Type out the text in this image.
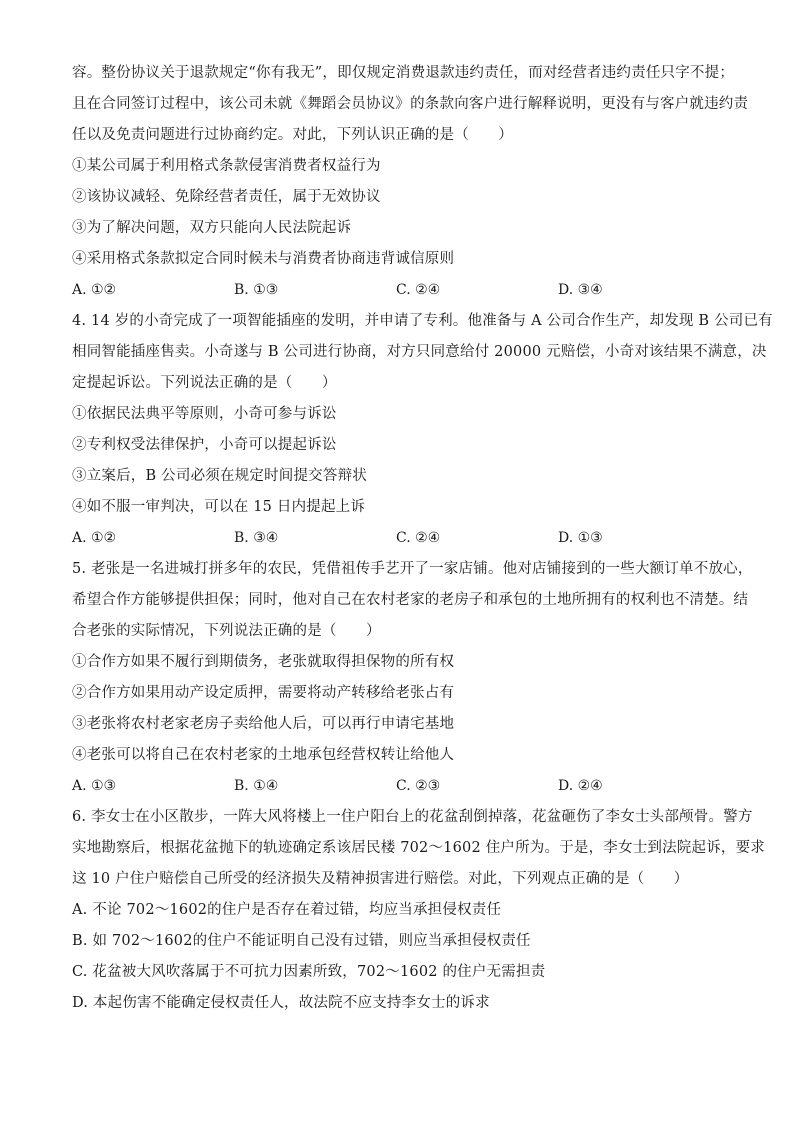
容。整份协议关于退款规定“你有我无”，即仅规定消费退款违约责任，而对经营者违约责任只字不提；
且在合同签订过程中，该公司未就《舞蹈会员协议》的条款向客户进行解释说明，更没有与客户就违约责
任以及免责问题进行过协商约定。对此，下列认识正确的是（　　）
①某公司属于利用格式条款侵害消费者权益行为
②该协议减轻、免除经营者责任，属于无效协议
③为了解决问题，双方只能向人民法院起诉
④采用格式条款拟定合同时候未与消费者协商违背诚信原则
A. ①②	B. ①③	C. ②④	D. ③④
4. 14 岁的小奇完成了一项智能插座的发明，并申请了专利。他准备与 A 公司合作生产，却发现 B 公司已有
相同智能插座售卖。小奇遂与 B 公司进行协商，对方只同意给付 20000 元赔偿，小奇对该结果不满意，决
定提起诉讼。下列说法正确的是（　　）
①依据民法典平等原则，小奇可参与诉讼
②专利权受法律保护，小奇可以提起诉讼
③立案后，B 公司必须在规定时间提交答辩状
④如不服一审判决，可以在 15 日内提起上诉
A. ①②	B. ③④	C. ②④	D. ①③
5. 老张是一名进城打拼多年的农民，凭借祖传手艺开了一家店铺。他对店铺接到的一些大额订单不放心，
希望合作方能够提供担保；同时，他对自己在农村老家的老房子和承包的土地所拥有的权利也不清楚。结
合老张的实际情况，下列说法正确的是（　　）
①合作方如果不履行到期债务，老张就取得担保物的所有权
②合作方如果用动产设定质押，需要将动产转移给老张占有
③老张将农村老家老房子卖给他人后，可以再行申请宅基地
④老张可以将自己在农村老家的土地承包经营权转让给他人
A. ①③	B. ①④	C. ②③	D. ②④
6. 李女士在小区散步，一阵大风将楼上一住户阳台上的花盆刮倒掉落，花盆砸伤了李女士头部颅骨。警方
实地勘察后，根据花盆抛下的轨迹确定系该居民楼 702～1602 住户所为。于是，李女士到法院起诉，要求
这 10 户住户赔偿自己所受的经济损失及精神损害进行赔偿。对此，下列观点正确的是（　　）
A. 不论 702～1602的住户是否存在着过错，均应当承担侵权责任
B. 如 702～1602的住户不能证明自己没有过错，则应当承担侵权责任
C. 花盆被大风吹落属于不可抗力因素所致，702～1602 的住户无需担责
D. 本起伤害不能确定侵权责任人，故法院不应支持李女士的诉求
